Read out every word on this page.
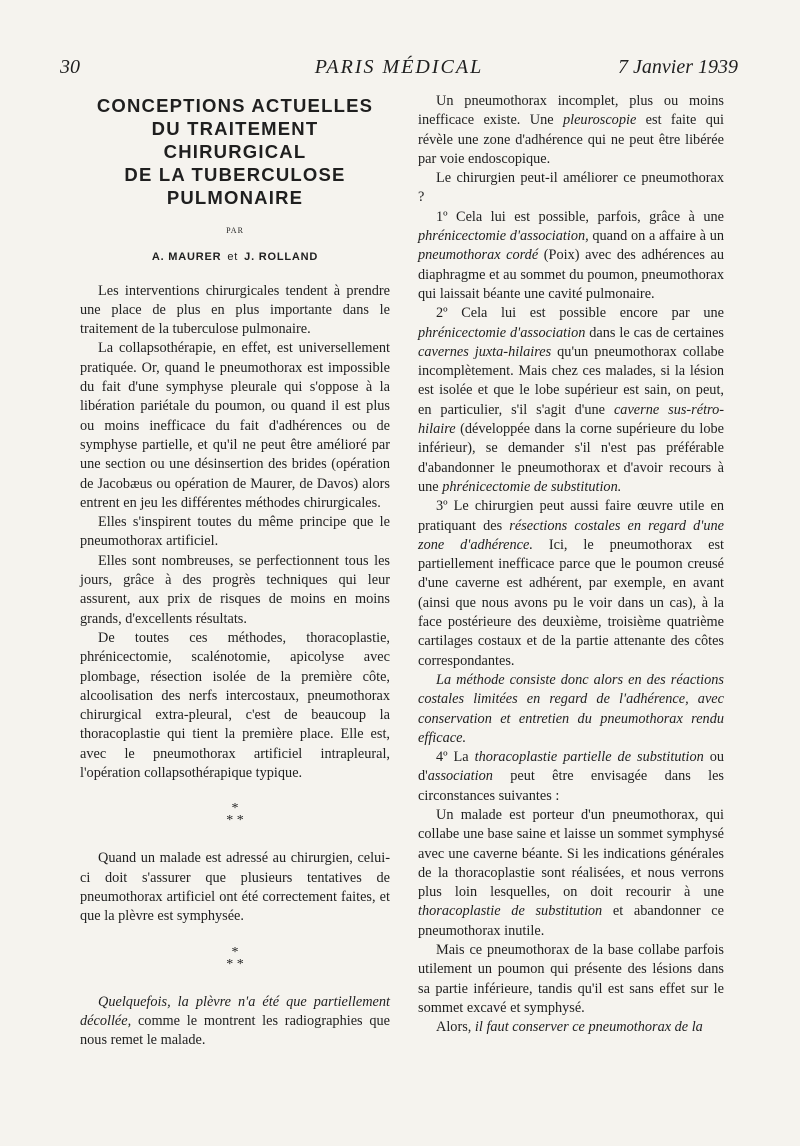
PARIS MÉDICAL
30	7 Janvier 1939
CONCEPTIONS ACTUELLES
DU TRAITEMENT
CHIRURGICAL
DE LA TUBERCULOSE
PULMONAIRE
PAR
A. MAURER et J. ROLLAND

Les interventions chirurgicales tendent à prendre une place de plus en plus importante dans le traitement de la tuberculose pulmonaire.

La collapsothérapie, en effet, est universellement pratiquée. Or, quand le pneumothorax est impossible du fait d'une symphyse pleurale qui s'oppose à la libération pariétale du poumon, ou quand il est plus ou moins inefficace du fait d'adhérences ou de symphyse partielle, et qu'il ne peut être amélioré par une section ou une désinsertion des brides (opération de Jacobæus ou opération de Maurer, de Davos) alors entrent en jeu les différentes méthodes chirurgicales.

Elles s'inspirent toutes du même principe que le pneumothorax artificiel.

Elles sont nombreuses, se perfectionnent tous les jours, grâce à des progrès techniques qui leur assurent, aux prix de risques de moins en moins grands, d'excellents résultats.

De toutes ces méthodes, thoracoplastie, phrénicectomie, scalénotomie, apicolyse avec plombage, résection isolée de la première côte, alcoolisation des nerfs intercostaux, pneumothorax chirurgical extra-pleural, c'est de beaucoup la thoracoplastie qui tient la première place. Elle est, avec le pneumothorax artificiel intrapleural, l'opération collapsothérapique typique.

*
* *

Quand un malade est adressé au chirurgien, celui-ci doit s'assurer que plusieurs tentatives de pneumothorax artificiel ont été correctement faites, et que la plèvre est symphysée.

*
* *

Quelquefois, la plèvre n'a été que partiellement décollée, comme le montrent les radiographies que nous remet le malade.

Un pneumothorax incomplet, plus ou moins inefficace existe. Une pleuroscopie est faite qui révèle une zone d'adhérence qui ne peut être libérée par voie endoscopique.

Le chirurgien peut-il améliorer ce pneumothorax ?

1º Cela lui est possible, parfois, grâce à une phrénicectomie d'association, quand on a affaire à un pneumothorax cordé (Poix) avec des adhérences au diaphragme et au sommet du poumon, pneumothorax qui laissait béante une cavité pulmonaire.

2º Cela lui est possible encore par une phrénicectomie d'association dans le cas de certaines cavernes juxta-hilaires qu'un pneumothorax collabe incomplètement. Mais chez ces malades, si la lésion est isolée et que le lobe supérieur est sain, on peut, en particulier, s'il s'agit d'une caverne sus-rétro-hilaire (développée dans la corne supérieure du lobe inférieur), se demander s'il n'est pas préférable d'abandonner le pneumothorax et d'avoir recours à une phrénicectomie de substitution.

3º Le chirurgien peut aussi faire œuvre utile en pratiquant des résections costales en regard d'une zone d'adhérence. Ici, le pneumothorax est partiellement inefficace parce que le poumon creusé d'une caverne est adhérent, par exemple, en avant (ainsi que nous avons pu le voir dans un cas), à la face postérieure des deuxième, troisième quatrième cartilages costaux et de la partie attenante des côtes correspondantes.

La méthode consiste donc alors en des réactions costales limitées en regard de l'adhérence, avec conservation et entretien du pneumothorax rendu efficace.

4º La thoracoplastie partielle de substitution ou d'association peut être envisagée dans les circonstances suivantes :

Un malade est porteur d'un pneumothorax, qui collabe une base saine et laisse un sommet symphysé avec une caverne béante. Si les indications générales de la thoracoplastie sont réalisées, et nous verrons plus loin lesquelles, on doit recourir à une thoracoplastie de substitution et abandonner ce pneumothorax inutile.

Mais ce pneumothorax de la base collabe parfois utilement un poumon qui présente des lésions dans sa partie inférieure, tandis qu'il est sans effet sur le sommet excavé et symphysé.

Alors, il faut conserver ce pneumothorax de la
